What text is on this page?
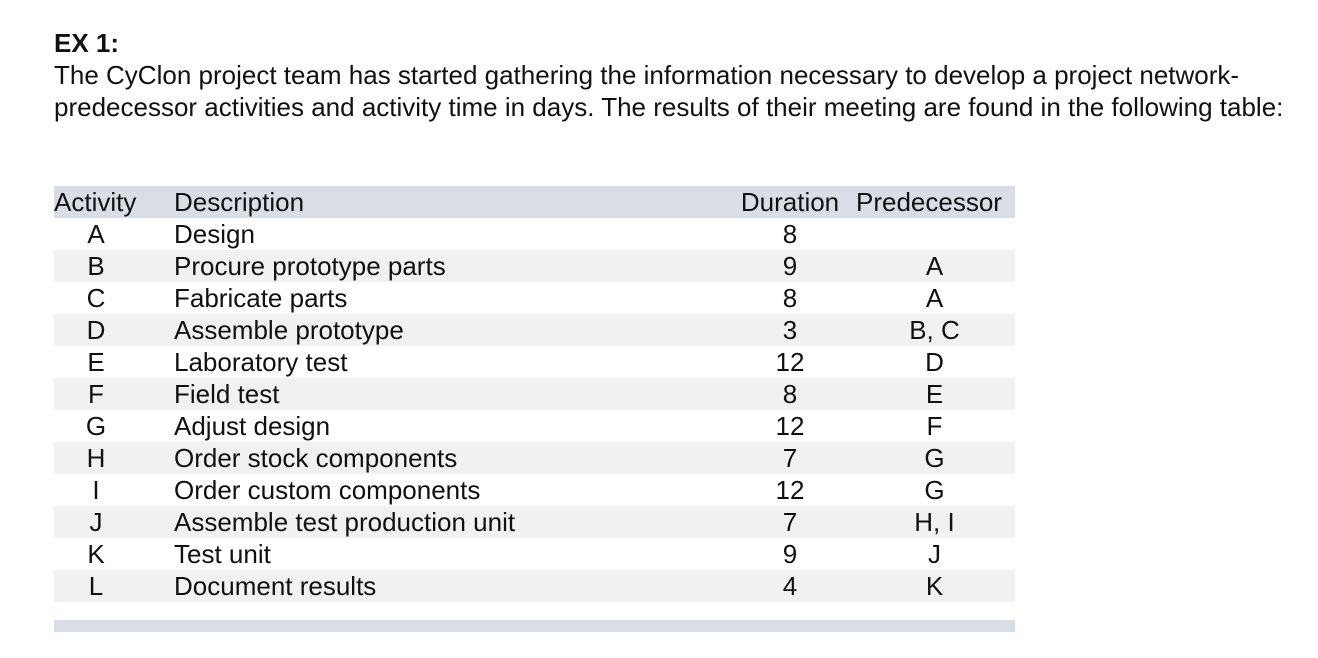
EX 1:

The CyClon project team has started gathering the information necessary to develop a project network-predecessor activities and activity time in days. The results of their meeting are found in the following table:

Activity	Description	Duration	Predecessor
A	Design	8	
B	Procure prototype parts	9	A
C	Fabricate parts	8	A
D	Assemble prototype	3	B, C
E	Laboratory test	12	D
F	Field test	8	E
G	Adjust design	12	F
H	Order stock components	7	G
I	Order custom components	12	G
J	Assemble test production unit	7	H, I
K	Test unit	9	J
L	Document results	4	K
